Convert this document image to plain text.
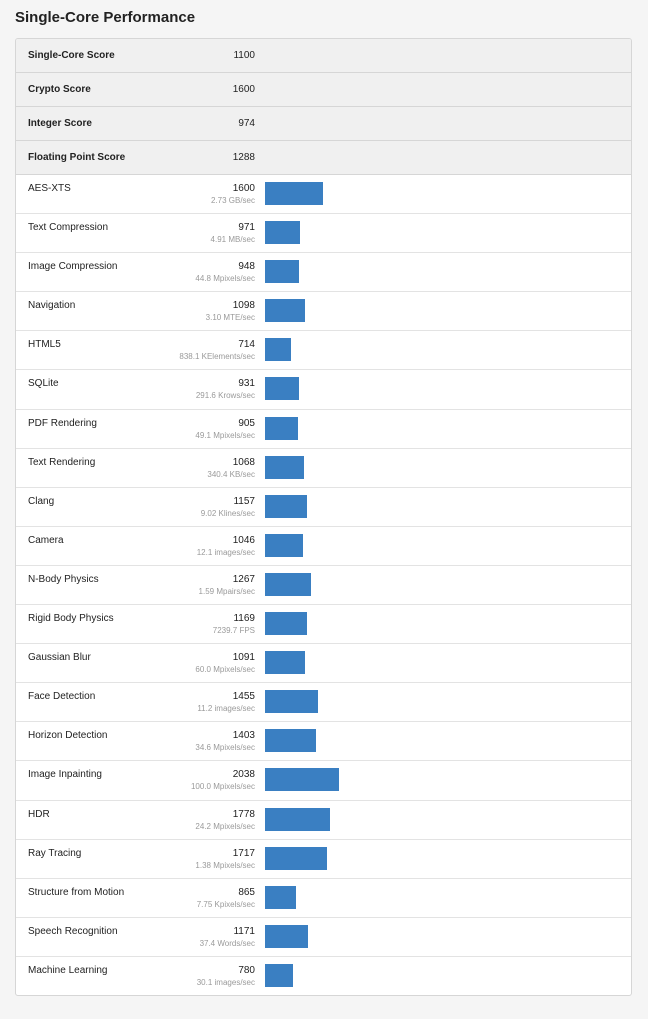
Single-Core Performance
Single-Core Score	1100
Crypto Score	1600
Integer Score	974
Floating Point Score	1288
AES-XTS	1600
2.73 GB/sec
Text Compression	971
4.91 MB/sec
Image Compression	948
44.8 Mpixels/sec
Navigation	1098
3.10 MTE/sec
HTML5	714
838.1 KElements/sec
SQLite	931
291.6 Krows/sec
PDF Rendering	905
49.1 Mpixels/sec
Text Rendering	1068
340.4 KB/sec
Clang	1157
9.02 Klines/sec
Camera	1046
12.1 images/sec
N-Body Physics	1267
1.59 Mpairs/sec
Rigid Body Physics	1169
7239.7 FPS
Gaussian Blur	1091
60.0 Mpixels/sec
Face Detection	1455
11.2 images/sec
Horizon Detection	1403
34.6 Mpixels/sec
Image Inpainting	2038
100.0 Mpixels/sec
HDR	1778
24.2 Mpixels/sec
Ray Tracing	1717
1.38 Mpixels/sec
Structure from Motion	865
7.75 Kpixels/sec
Speech Recognition	1171
37.4 Words/sec
Machine Learning	780
30.1 images/sec
